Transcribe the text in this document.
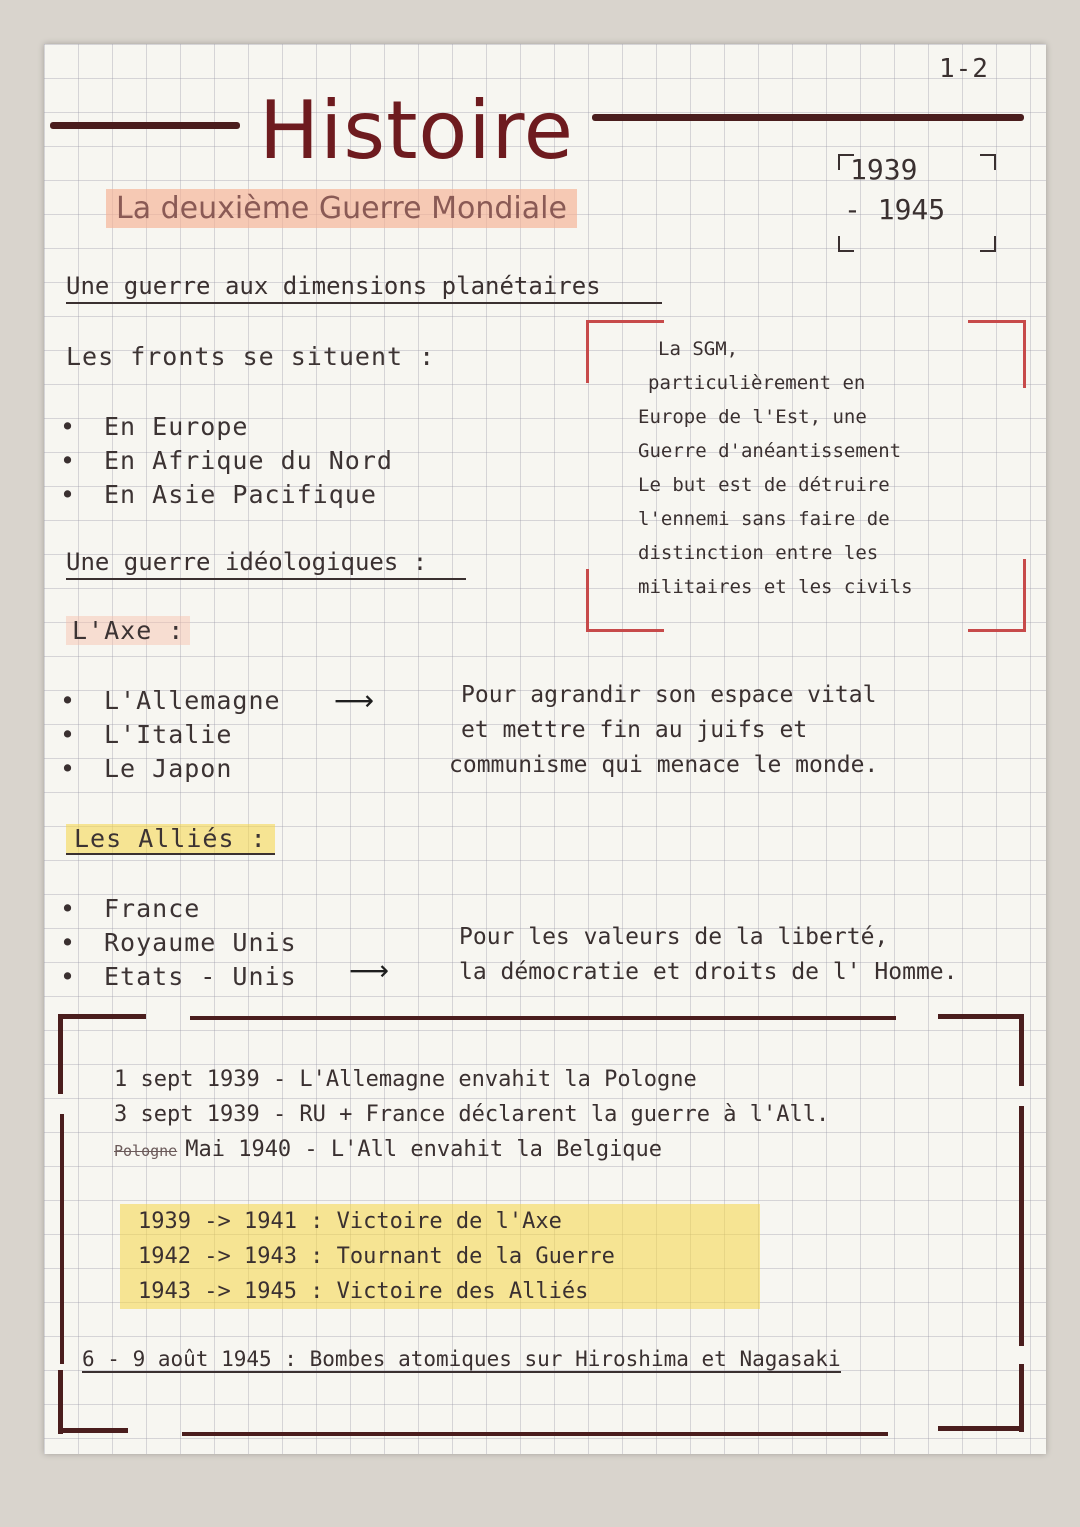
1-2
Histoire
La deuxième Guerre Mondiale
1939
- 1945
Une guerre aux dimensions planétaires
Les fronts se situent :
• En Europe
• En Afrique du Nord
• En Asie Pacifique
La SGM,
particulièrement en
Europe de l'Est, une
Guerre d'anéantissement
Le but est de détruire
l'ennemi sans faire de
distinction entre les
militaires et les civils
Une guerre idéologiques :
L'Axe :
• L'Allemagne
• L'Italie
• Le Japon
⟶	Pour agrandir son espace vital
et mettre fin au juifs et
communisme qui menace le monde.
Les Alliés :
• France
• Royaume Unis
• Etats - Unis	⟶
Pour les valeurs de la liberté,
la démocratie et droits de l' Homme.
1 sept 1939 - L'Allemagne envahit la Pologne
3 sept 1939 - RU + France déclarent la guerre à l'All.
Pologne Mai 1940 - L'All envahit la Belgique
1939 -> 1941 : Victoire de l'Axe
1942 -> 1943 : Tournant de la Guerre
1943 -> 1945 : Victoire des Alliés
6 - 9 août 1945 : Bombes atomiques sur Hiroshima et Nagasaki
